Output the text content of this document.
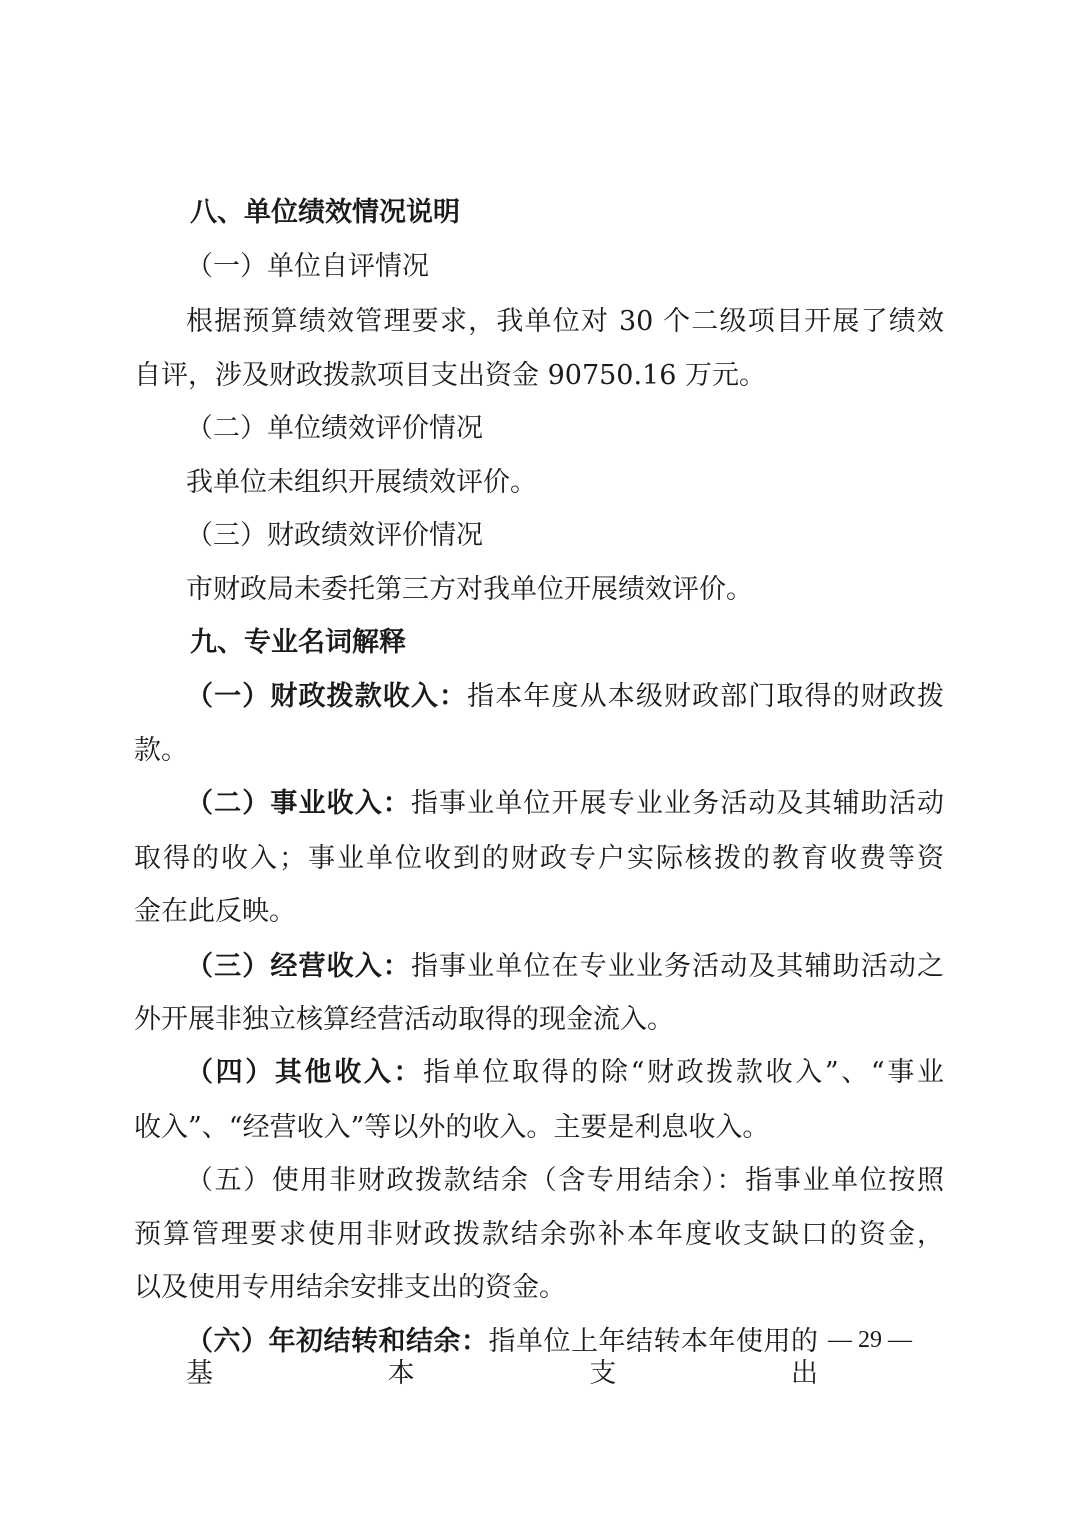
八、单位绩效情况说明
（一）单位自评情况
根据预算绩效管理要求，我单位对 30 个二级项目开展了绩效
自评，涉及财政拨款项目支出资金 90750.16 万元。
（二）单位绩效评价情况
我单位未组织开展绩效评价。
（三）财政绩效评价情况
市财政局未委托第三方对我单位开展绩效评价。
九、专业名词解释
（一）财政拨款收入：指本年度从本级财政部门取得的财政拨
款。
（二）事业收入：指事业单位开展专业业务活动及其辅助活动
取得的收入；事业单位收到的财政专户实际核拨的教育收费等资
金在此反映。
（三）经营收入：指事业单位在专业业务活动及其辅助活动之
外开展非独立核算经营活动取得的现金流入。
（四）其他收入：指单位取得的除“财政拨款收入”、“事业
收入”、“经营收入”等以外的收入。主要是利息收入。
（五）使用非财政拨款结余（含专用结余）：指事业单位按照
预算管理要求使用非财政拨款结余弥补本年度收支缺口的资金，
以及使用专用结余安排支出的资金。
（六）年初结转和结余：指单位上年结转本年使用的基本支出
— 29 —
